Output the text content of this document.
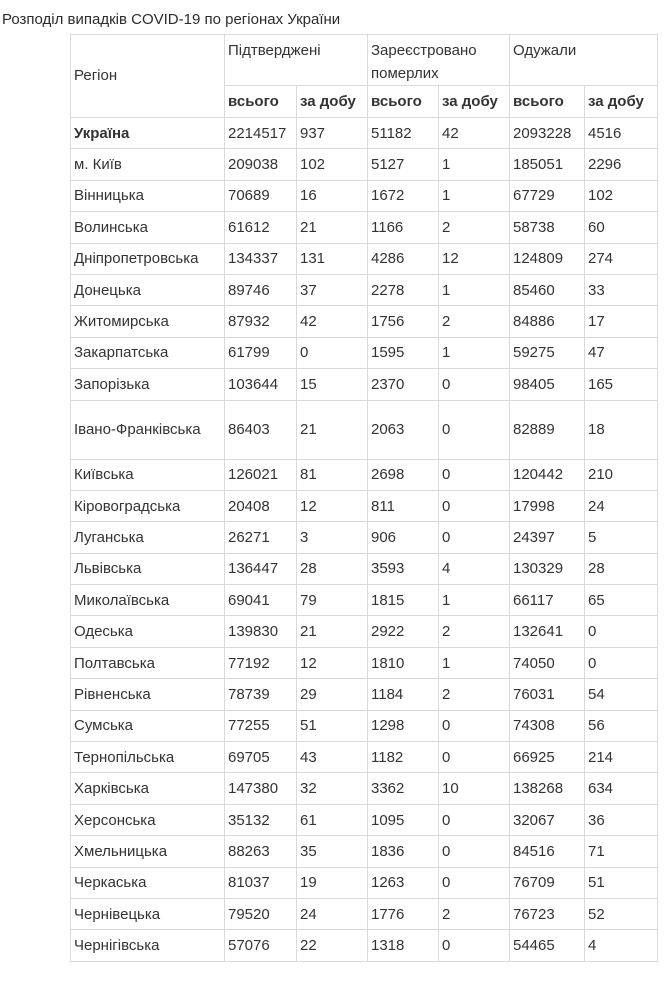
Розподіл випадків COVID-19 по регіонах України
Регіон	Підтверджені		Зареєстровано померлих		Одужали	
	всього	за добу	всього	за добу	всього	за добу
Україна	2214517	937	51182	42	2093228	4516
м. Київ	209038	102	5127	1	185051	2296
Вінницька	70689	16	1672	1	67729	102
Волинська	61612	21	1166	2	58738	60
Дніпропетровська	134337	131	4286	12	124809	274
Донецька	89746	37	2278	1	85460	33
Житомирська	87932	42	1756	2	84886	17
Закарпатська	61799	0	1595	1	59275	47
Запорізька	103644	15	2370	0	98405	165
Івано-Франківська	86403	21	2063	0	82889	18
Київська	126021	81	2698	0	120442	210
Кіровоградська	20408	12	811	0	17998	24
Луганська	26271	3	906	0	24397	5
Львівська	136447	28	3593	4	130329	28
Миколаївська	69041	79	1815	1	66117	65
Одеська	139830	21	2922	2	132641	0
Полтавська	77192	12	1810	1	74050	0
Рівненська	78739	29	1184	2	76031	54
Сумська	77255	51	1298	0	74308	56
Тернопільська	69705	43	1182	0	66925	214
Харківська	147380	32	3362	10	138268	634
Херсонська	35132	61	1095	0	32067	36
Хмельницька	88263	35	1836	0	84516	71
Черкаська	81037	19	1263	0	76709	51
Чернівецька	79520	24	1776	2	76723	52
Чернігівська	57076	22	1318	0	54465	4
